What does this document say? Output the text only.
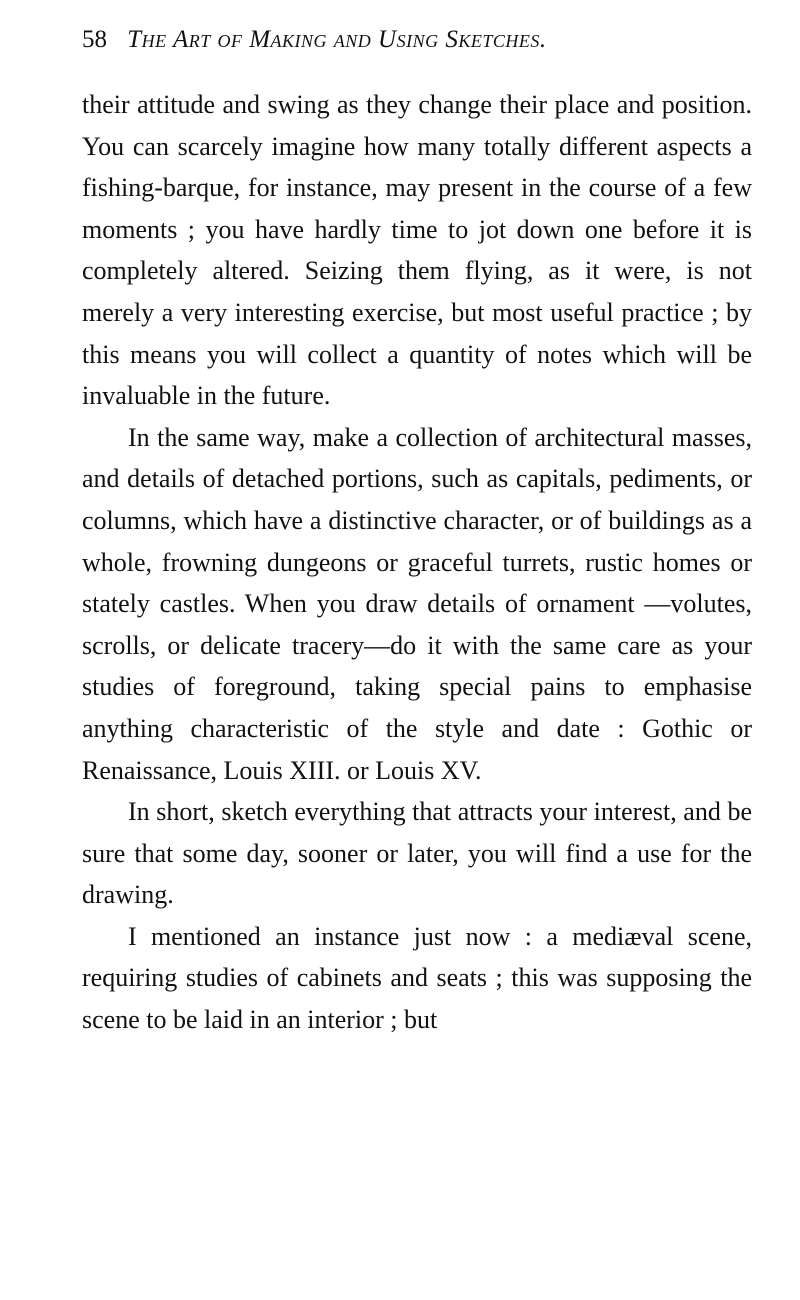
58 The Art of Making and Using Sketches.

their attitude and swing as they change their place and position. You can scarcely imagine how many totally different aspects a fishing-barque, for instance, may present in the course of a few moments ; you have hardly time to jot down one before it is completely altered. Seizing them flying, as it were, is not merely a very interesting exercise, but most useful practice ; by this means you will collect a quantity of notes which will be invaluable in the future.

In the same way, make a collection of architectural masses, and details of detached portions, such as capitals, pediments, or columns, which have a distinctive character, or of buildings as a whole, frowning dungeons or graceful turrets, rustic homes or stately castles. When you draw details of ornament —volutes, scrolls, or delicate tracery—do it with the same care as your studies of foreground, taking special pains to emphasise anything characteristic of the style and date : Gothic or Renaissance, Louis XIII. or Louis XV.

In short, sketch everything that attracts your interest, and be sure that some day, sooner or later, you will find a use for the drawing.

I mentioned an instance just now : a mediæval scene, requiring studies of cabinets and seats ; this was supposing the scene to be laid in an interior ; but
